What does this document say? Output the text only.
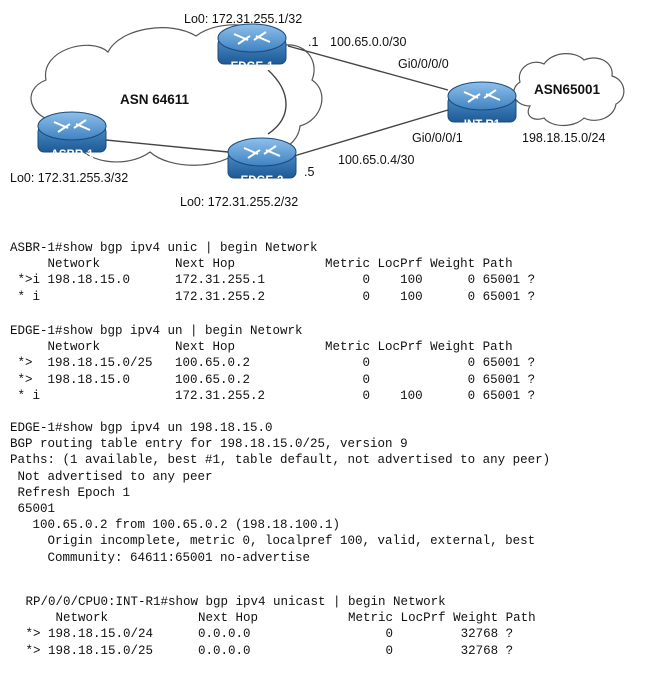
EDGE-1
EDGE-2
ASBR-1
INT-R1
Lo0: 172.31.255.1/32
Lo0: 172.31.255.2/32
Lo0: 172.31.255.3/32
ASN 64611
ASN65001
.1 100.65.0.0/30
Gi0/0/0/0
Gi0/0/0/1
.5
100.65.0.4/30
198.18.15.0/24
ASBR-1#show bgp ipv4 unic | begin Network
Network          Next Hop            Metric LocPrf Weight Path
*>i 198.18.15.0      172.31.255.1             0    100      0 65001 ?
* i                  172.31.255.2             0    100      0 65001 ?
EDGE-1#show bgp ipv4 un | begin Netowrk
Network          Next Hop            Metric LocPrf Weight Path
*>  198.18.15.0/25   100.65.0.2               0             0 65001 ?
*>  198.18.15.0      100.65.0.2               0             0 65001 ?
* i                  172.31.255.2             0    100      0 65001 ?
EDGE-1#show bgp ipv4 un 198.18.15.0
BGP routing table entry for 198.18.15.0/25, version 9
Paths: (1 available, best #1, table default, not advertised to any peer)
Not advertised to any peer
Refresh Epoch 1
65001
100.65.0.2 from 100.65.0.2 (198.18.100.1)
Origin incomplete, metric 0, localpref 100, valid, external, best
Community: 64611:65001 no-advertise
RP/0/0/CPU0:INT-R1#show bgp ipv4 unicast | begin Network
Network            Next Hop            Metric LocPrf Weight Path
*> 198.18.15.0/24      0.0.0.0                  0         32768 ?
*> 198.18.15.0/25      0.0.0.0                  0         32768 ?
